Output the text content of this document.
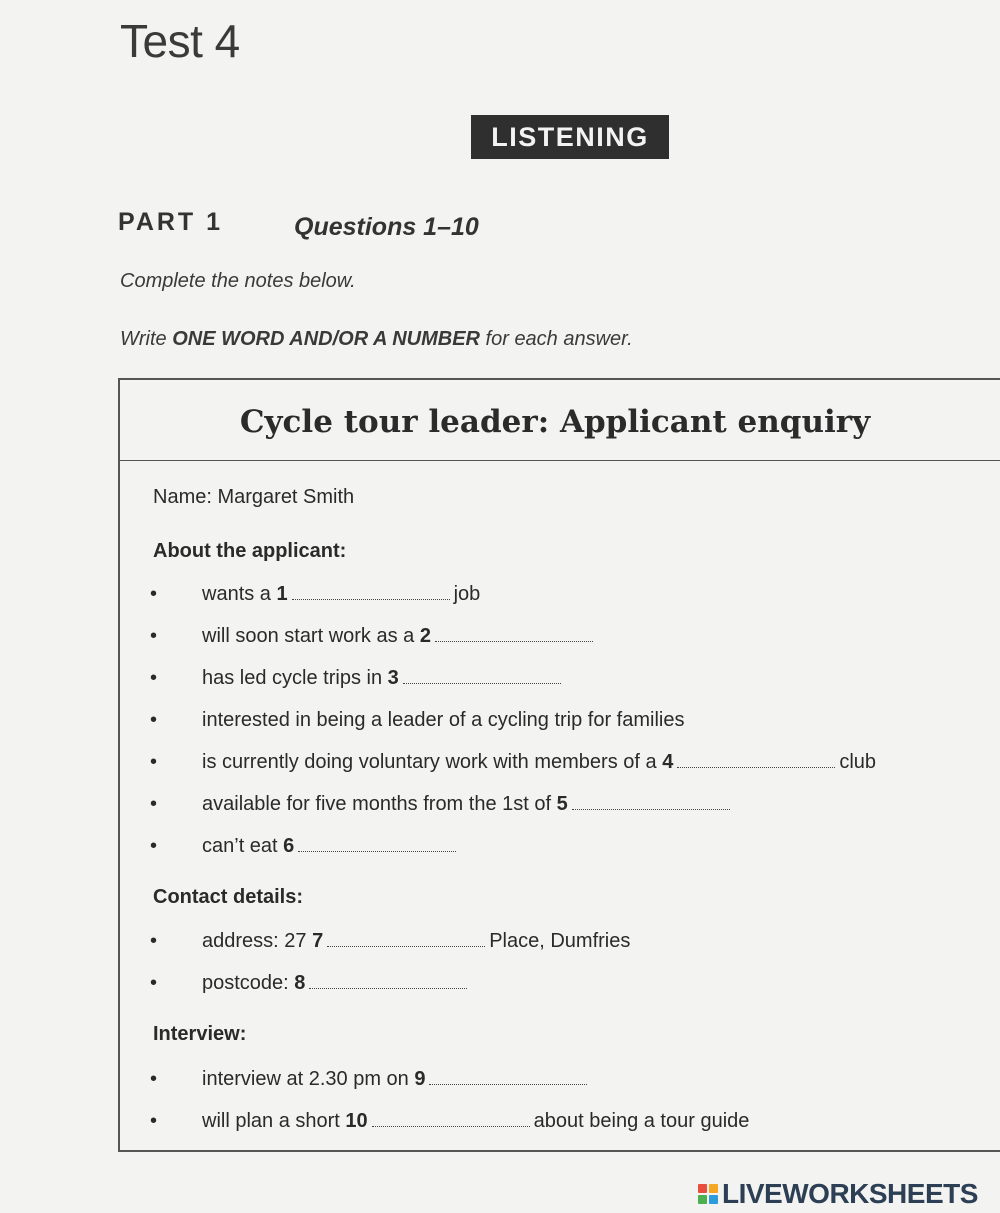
Test 4
LISTENING
PART 1	Questions 1–10
Complete the notes below.
Write ONE WORD AND/OR A NUMBER for each answer.
Cycle tour leader: Applicant enquiry
Name: Margaret Smith
About the applicant:
• wants a 1	job
• will soon start work as a 2
• has led cycle trips in 3
• interested in being a leader of a cycling trip for families
• is currently doing voluntary work with members of a 4	club
• available for five months from the 1st of 5
• can’t eat 6
Contact details:
• address: 27 7	Place, Dumfries
• postcode: 8
Interview:
• interview at 2.30 pm on 9
• will plan a short 10	about being a tour guide
LIVEWORKSHEETS
